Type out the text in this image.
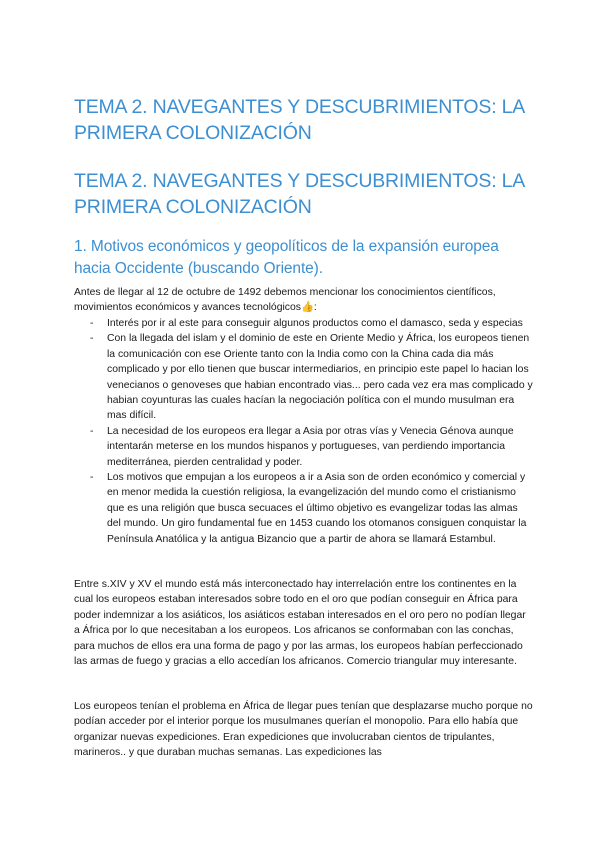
TEMA 2. NAVEGANTES Y DESCUBRIMIENTOS: LA PRIMERA COLONIZACIÓN
TEMA 2. NAVEGANTES Y DESCUBRIMIENTOS: LA PRIMERA COLONIZACIÓN
1. Motivos económicos y geopolíticos de la expansión europea hacia Occidente (buscando Oriente).

Antes de llegar al 12 de octubre de 1492 debemos mencionar los conocimientos científicos, movimientos económicos y avances tecnológicos👍:

- Interés por ir al este para conseguir algunos productos como el damasco, seda y especias
- Con la llegada del islam y el dominio de este en Oriente Medio y África, los europeos tienen la comunicación con ese Oriente tanto con la India como con la China cada dia más complicado y por ello tienen que buscar intermediarios, en principio este papel lo hacian los venecianos o genoveses que habian encontrado vias... pero cada vez era mas complicado y habian coyunturas las cuales hacían la negociación política con el mundo musulman era mas difícil.
- La necesidad de los europeos era llegar a Asia por otras vías y Venecia Génova aunque intentarán meterse en los mundos hispanos y portugueses, van perdiendo importancia mediterránea, pierden centralidad y poder.
- Los motivos que empujan a los europeos a ir a Asia son de orden económico y comercial y en menor medida la cuestión religiosa, la evangelización del mundo como el cristianismo que es una religión que busca secuaces el último objetivo es evangelizar todas las almas del mundo. Un giro fundamental fue en 1453 cuando los otomanos consiguen conquistar la Península Anatólica y la antigua Bizancio que a partir de ahora se llamará Estambul.

Entre s.XIV y XV el mundo está más interconectado hay interrelación entre los continentes en la cual los europeos estaban interesados sobre todo en el oro que podían conseguir en África para poder indemnizar a los asiáticos, los asiáticos estaban interesados en el oro pero no podían llegar a África por lo que necesitaban a los europeos. Los africanos se conformaban con las conchas, para muchos de ellos era una forma de pago y por las armas, los europeos habían perfeccionado las armas de fuego y gracias a ello accedían los africanos. Comercio triangular muy interesante.

Los europeos tenían el problema en África de llegar pues tenían que desplazarse mucho porque no podían acceder por el interior porque los musulmanes querían el monopolio. Para ello había que organizar nuevas expediciones. Eran expediciones que involucraban cientos de tripulantes, marineros.. y que duraban muchas semanas. Las expediciones las
